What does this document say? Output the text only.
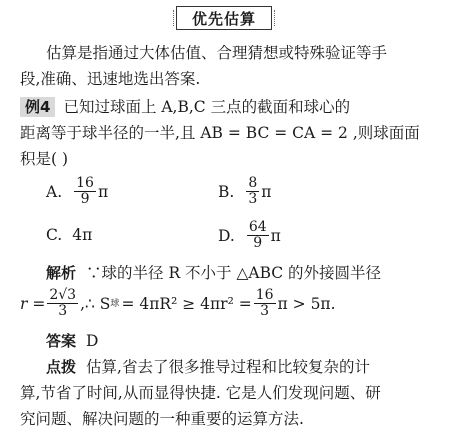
优先估算
估算是指通过大体估值、合理猜想或特殊验证等手
段,准确、迅速地选出答案.
例4 已知过球面上 A,B,C 三点的截面和球心的
距离等于球半径的一半,且 AB = BC = CA = 2 ,则球面面
积是( )
A. $\frac{16}{9}$ π	B. $\frac{8}{3}$ π
C. 4π	D. $\frac{64}{9}$ π
解析 ∵球的半径 R 不小于 △ABC 的外接圆半径
$r = \frac{2√3}{3}$ ,∴ S 球 = $4\pi R^2 \ge 4\pi r^2 = \frac{16}{3}$ π > 5π.
答案 D
点拨 估算,省去了很多推导过程和比较复杂的计
算,节省了时间,从而显得快捷. 它是人们发现问题、研
究问题、解决问题的一种重要的运算方法.
